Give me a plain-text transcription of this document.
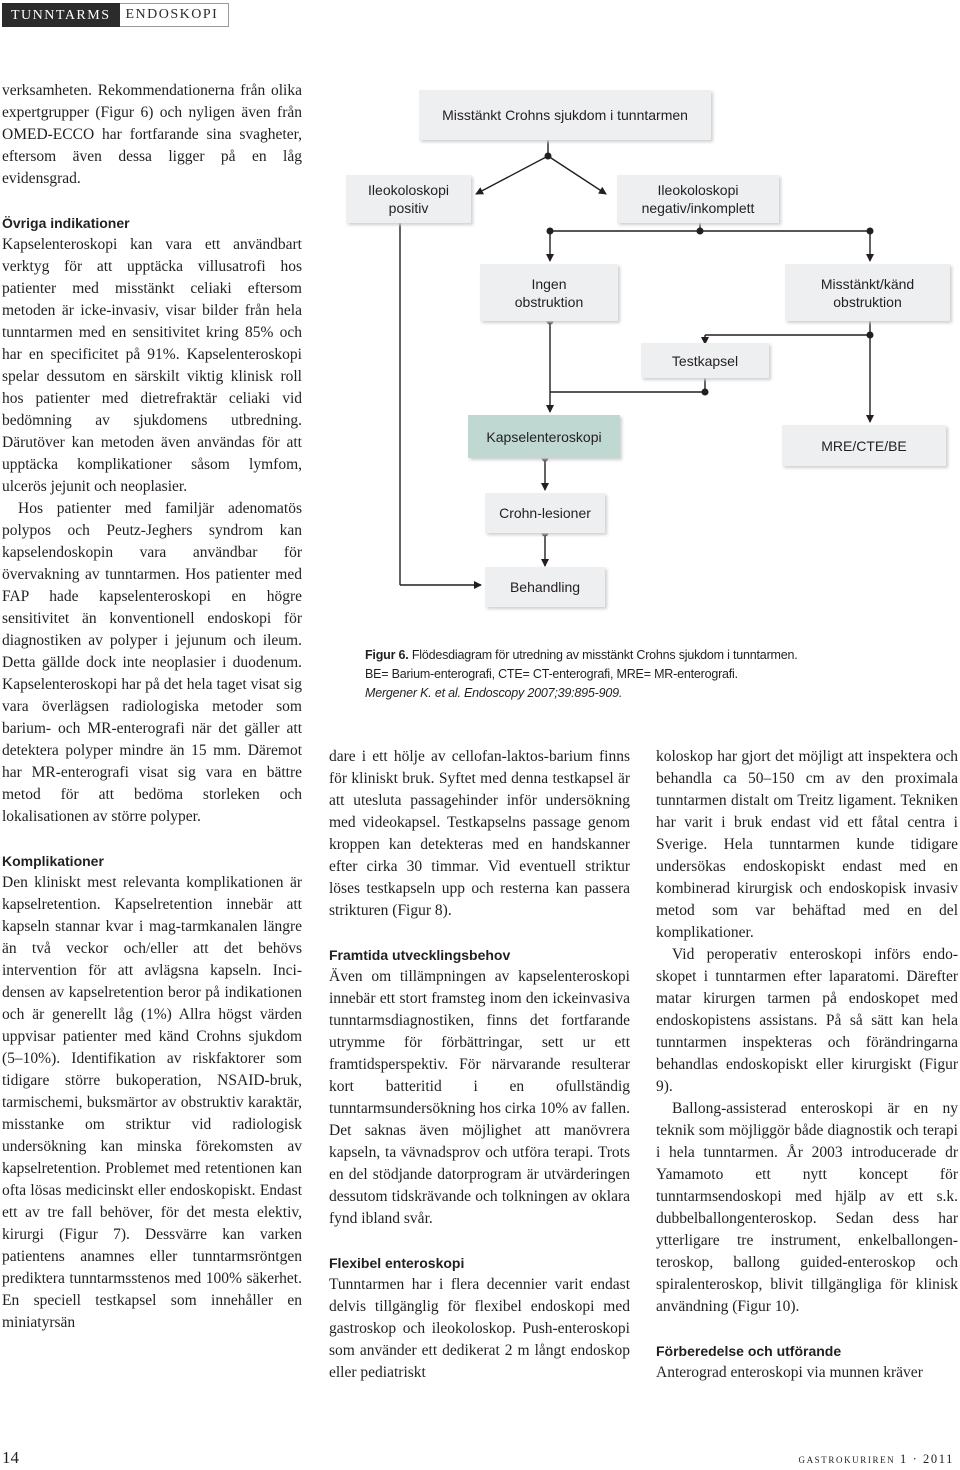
TUNNTARMS	ENDOSKOPI

verksamheten. Rekommendationerna från olika expertgrupper (Figur 6) och nyligen även från OMED-ECCO har fortfarande sina svagheter, eftersom även dessa ligger på en låg evidensgrad.

Övriga indikationer

Kapselenteroskopi kan vara ett användbart verktyg för att upptäcka villusatrofi hos patienter med misstänkt celiaki eftersom metoden är icke-invasiv, visar bilder från hela tunntarmen med en sensitivitet kring 85% och har en specificitet på 91%. Kapselenteroskopi spelar dessutom en särskilt viktig klinisk roll hos patienter med dietrefraktär celiaki vid bedömning av sjukdomens utbredning. Därutöver kan metoden även användas för att upptäcka komplikationer såsom lymfom, ulcerös jejunit och neoplasier.

Hos patienter med familjär adenomatös polypos och Peutz-Jeghers syndrom kan kapselendoskopin vara användbar för övervakning av tunntarmen. Hos patienter med FAP hade kapselenteroskopi en högre sensitivitet än konventionell endoskopi för diagnostiken av polyper i jejunum och ileum. Detta gällde dock inte neoplasier i duodenum. Kapselenteroskopi har på det hela taget visat sig vara överlägsen radiologiska metoder som barium- och MR-enterografi när det gäller att detektera polyper mindre än 15 mm. Däremot har MR-enterografi visat sig vara en bättre metod för att bedöma storleken och lokalisationen av större polyper.

Komplikationer

Den kliniskt mest relevanta komplikationen är kapselretention. Kapselretention innebär att kapseln stannar kvar i mag-tarmkanalen längre än två veckor och/eller att det behövs intervention för att avlägsna kapseln. Incidensen av kapselretention beror på indikationen och är generellt låg (1%) Allra högst värden uppvisar patienter med känd Crohns sjukdom (5–10%). Identifikation av riskfaktorer som tidigare större bukoperation, NSAID-bruk, tarmischemi, buksmärtor av obstruktiv karaktär, misstanke om striktur vid radiologisk undersökning kan minska förekomsten av kapselretention. Problemet med retentionen kan ofta lösas medicinskt eller endoskopiskt. Endast ett av tre fall behöver, för det mesta elektiv, kirurgi (Figur 7). Dessvärre kan varken patientens anamnes eller tunntarmsröntgen prediktera tunntarmsstenos med 100% säkerhet. En speciell testkapsel som innehåller en miniatyrsän

dare i ett hölje av cellofan-laktos-barium finns för kliniskt bruk. Syftet med denna testkapsel är att utesluta passagehinder inför undersökning med videokapsel. Testkapselns passage genom kroppen kan detekteras med en handskanner efter cirka 30 timmar. Vid eventuell striktur löses testkapseln upp och resterna kan passera strikturen (Figur 8).

Framtida utvecklingsbehov

Även om tillämpningen av kapselenteroskopi innebär ett stort framsteg inom den ickeinvasiva tunntarmsdiagnostiken, finns det fortfarande utrymme för förbättringar, sett ur ett framtidsperspektiv. För närvarande resulterar kort batteritid i en ofullständig tunntarmsundersökning hos cirka 10% av fallen. Det saknas även möjlighet att manövrera kapseln, ta vävnadsprov och utföra terapi. Trots en del stödjande datorprogram är utvärderingen dessutom tidskrävande och tolkningen av oklara fynd ibland svår.

Flexibel enteroskopi

Tunntarmen har i flera decennier varit endast delvis tillgänglig för flexibel endoskopi med gastroskop och ileokoloskop. Push-enteroskopi som använder ett dedikerat 2 m långt endoskop eller pediatriskt

koloskop har gjort det möjligt att inspektera och behandla ca 50–150 cm av den proximala tunntarmen distalt om Treitz ligament. Tekniken har varit i bruk endast vid ett fåtal centra i Sverige. Hela tunntarmen kunde tidigare undersökas endoskopiskt endast med en kombinerad kirurgisk och endoskopisk invasiv metod som var behäftad med en del komplikationer.

Vid peroperativ enteroskopi införs endoskopet i tunntarmen efter laparatomi. Därefter matar kirurgen tarmen på endoskopet med endoskopistens assistans. På så sätt kan hela tunntarmen inspekteras och förändringarna behandlas endoskopiskt eller kirurgiskt (Figur 9).

Ballong-assisterad enteroskopi är en ny teknik som möjliggör både diagnostik och terapi i hela tunntarmen. År 2003 introducerade dr Yamamoto ett nytt koncept för tunntarmsendoskopi med hjälp av ett s.k. dubbelballongenteroskop. Sedan dess har ytterligare tre instrument, enkelballongenteroskop, ballong guided-enteroskop och spiralenteroskop, blivit tillgängliga för klinisk användning (Figur 10).

Förberedelse och utförande

Anterograd enteroskopi via munnen kräver

Misstänkt Crohns sjukdom i tunntarmen
Ileokoloskopi
positiv
Ileokoloskopi
negativ/inkomplett
Ingen
obstruktion
Misstänkt/känd
obstruktion
Testkapsel
Kapselenteroskopi
MRE/CTE/BE
Crohn-lesioner
Behandling
Figur 6. Flödesdiagram för utredning av misstänkt Crohns sjukdom i tunntarmen.
BE= Barium-enterografi, CTE= CT-enterografi, MRE= MR-enterografi.
Mergener K. et al. Endoscopy 2007;39:895-909.
14	gastrokuriren 1 · 2011
